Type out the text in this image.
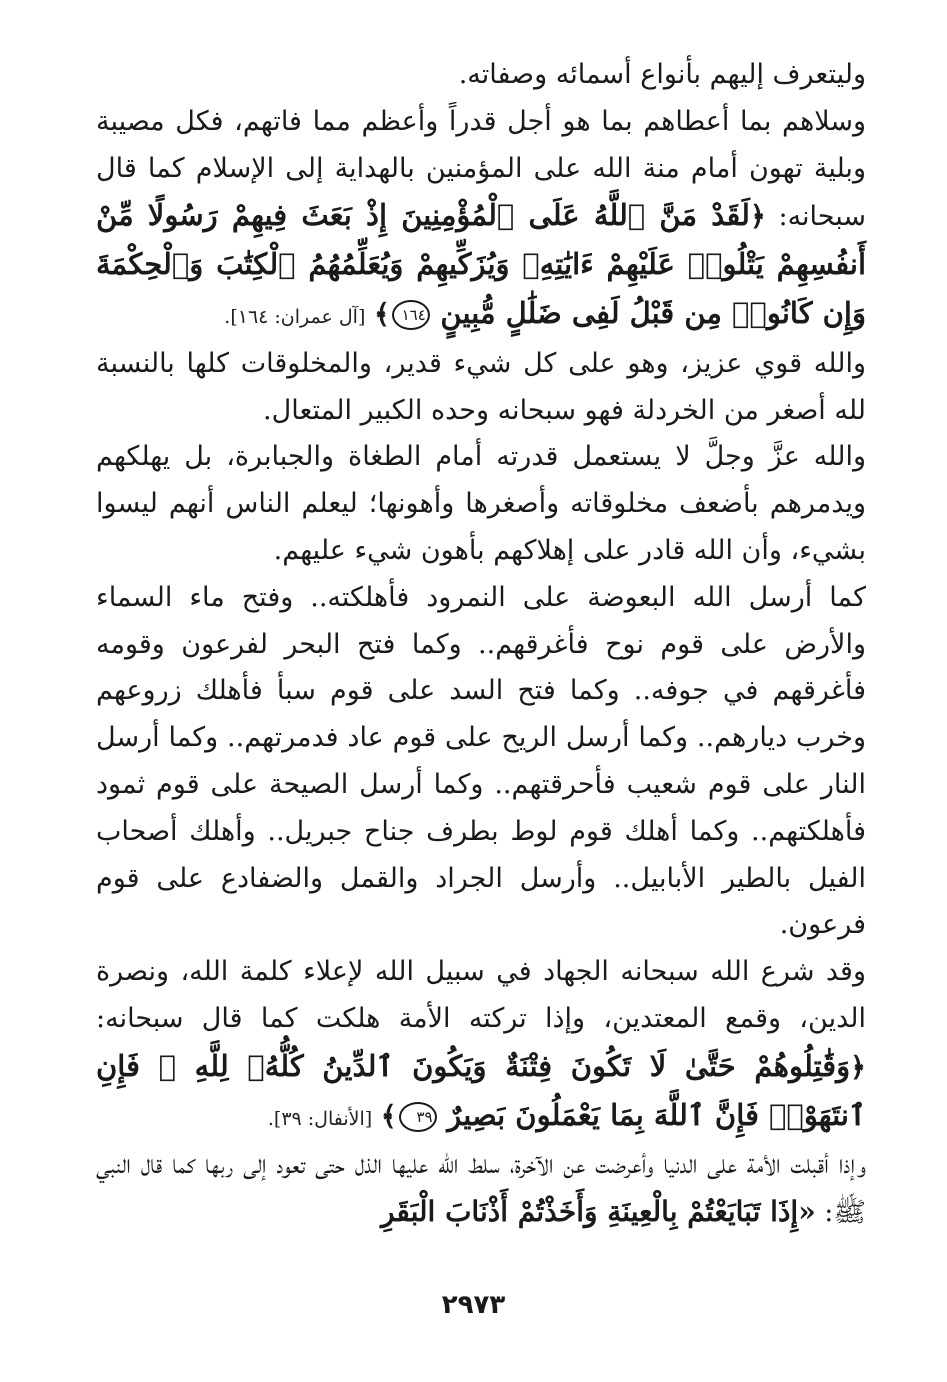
وليتعرف إليهم بأنواع أسمائه وصفاته.

وسلاهم بما أعطاهم بما هو أجل قدراً وأعظم مما فاتهم، فكل مصيبة وبلية تهون أمام منة الله على المؤمنين بالهداية إلى الإسلام كما قال سبحانه: ﴿لَقَدْ مَنَّ ٱللَّهُ عَلَى ٱلْمُؤْمِنِينَ إِذْ بَعَثَ فِيهِمْ رَسُولًا مِّنْ أَنفُسِهِمْ يَتْلُوا۟ عَلَيْهِمْ ءَايَٰتِهِۦ وَيُزَكِّيهِمْ وَيُعَلِّمُهُمُ ٱلْكِتَٰبَ وَٱلْحِكْمَةَ وَإِن كَانُوا۟ مِن قَبْلُ لَفِى ضَلَٰلٍ مُّبِينٍ ١٦٤﴾ [آل عمران: ١٦٤].

والله قوي عزيز، وهو على كل شيء قدير، والمخلوقات كلها بالنسبة لله أصغر من الخردلة فهو سبحانه وحده الكبير المتعال.

والله عزَّ وجلَّ لا يستعمل قدرته أمام الطغاة والجبابرة، بل يهلكهم ويدمرهم بأضعف مخلوقاته وأصغرها وأهونها؛ ليعلم الناس أنهم ليسوا بشيء، وأن الله قادر على إهلاكهم بأهون شيء عليهم.

كما أرسل الله البعوضة على النمرود فأهلكته.. وفتح ماء السماء والأرض على قوم نوح فأغرقهم.. وكما فتح البحر لفرعون وقومه فأغرقهم في جوفه.. وكما فتح السد على قوم سبأ فأهلك زروعهم وخرب ديارهم.. وكما أرسل الريح على قوم عاد فدمرتهم.. وكما أرسل النار على قوم شعيب فأحرقتهم.. وكما أرسل الصيحة على قوم ثمود فأهلكتهم.. وكما أهلك قوم لوط بطرف جناح جبريل.. وأهلك أصحاب الفيل بالطير الأبابيل.. وأرسل الجراد والقمل والضفادع على قوم فرعون.

وقد شرع الله سبحانه الجهاد في سبيل الله لإعلاء كلمة الله، ونصرة الدين، وقمع المعتدين، وإذا تركته الأمة هلكت كما قال سبحانه: ﴿وَقَٰتِلُوهُمْ حَتَّىٰ لَا تَكُونَ فِتْنَةٌ وَيَكُونَ ٱلدِّينُ كُلُّهُۥ لِلَّهِ ۚ فَإِنِ ٱنتَهَوْا۟ فَإِنَّ ٱللَّهَ بِمَا يَعْمَلُونَ بَصِيرٌ ٣٩﴾ [الأنفال: ٣٩].

وإذا أقبلت الأمة على الدنيا وأعرضت عن الآخرة، سلط الله عليها الذل حتى تعود إلى ربها كما قال النبي ﷺ: «إِذَا تَبَايَعْتُمْ بِالْعِينَةِ وَأَخَذْتُمْ أَذْنَابَ الْبَقَرِ

٢٩٧٣
